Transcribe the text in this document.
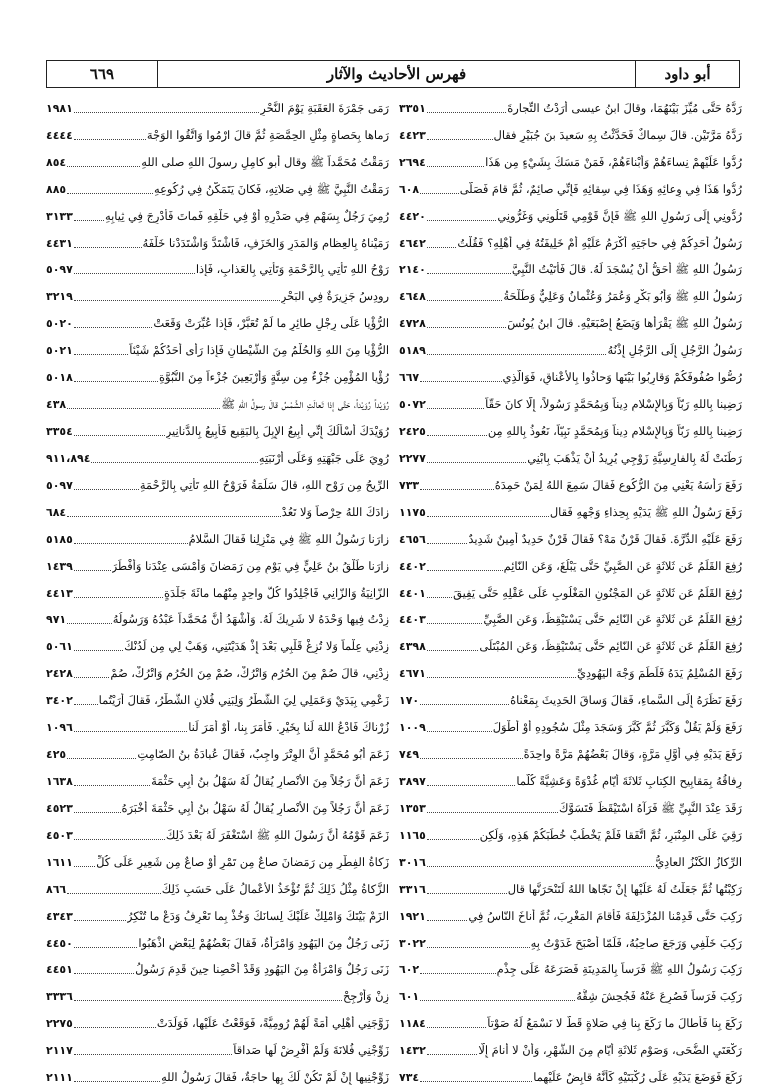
٦٦٩	فهرس الأحاديث والآثار	أبو داود
رَدَّهُ حَتَّى مُيِّزَ بَيْنَهُمَا، وقالَ ابنُ عيسى أَرَدْتُ التِّجارةَ
٣٣٥١
رَدَّهُ مَرَّتَيْنِ. قالَ سِماكٌ فَحَدَّثْتُ بِهِ سَعيدَ بنَ جُبَيْرٍ فقال
٤٤٢٣
رُدُّوا عَلَيْهِمْ نِساءَهُمْ وَأَبْناءَهُمْ، فَمَنْ مَسَكَ بِشَيْءٍ مِن هَذَا
٢٦٩٤
رُدُّوا هَذَا فِي وِعائِهِ وَهَذَا فِي سِقائِهِ فَإِنِّي صائِمٌ، ثُمَّ قامَ فَصَلَّى
٦٠٨
رُدُّونِي إِلَى رَسُولِ اللهِ ﷺ فَإِنَّ قَوْمِي قَتَلُونِي وَغَرُّونِي
٤٤٢٠
رَسُولُ أَحَدِكُمْ فِي حاجَتِهِ أَكْرَمُ عَلَيْهِ أَمْ خَلِيفَتُهُ فِي أَهْلِهِ؟ فَقُلْتُ
٤٦٤٢
رَسُولُ اللهِ ﷺ أَحَقُّ أَنْ يُسْجَدَ لَهُ. قالَ فَأَتَيْتُ النَّبِيَّ
٢١٤٠
رَسُولُ اللهِ ﷺ وَأَبُو بَكْرٍ وَعُمَرُ وَعُثْمانُ وَعَلِيٌّ وَطَلْحَةُ
٤٦٤٨
رَسُولُ اللهِ ﷺ يَقْرَأُها وَيَضَعُ إِصْبَعَيْهِ. قالَ ابنُ يُونُسَ
٤٧٢٨
رَسُولُ الرَّجُلِ إِلَى الرَّجُلِ إِذْنُهُ
٥١٨٩
رُصُّوا صُفُوفَكُمْ وَقارِبُوا بَيْنَها وَحاذُوا بِالأَعْناقِ، فَوَالَّذِي
٦٦٧
رَضِينا بِاللهِ رَبّاً وَبِالإِسْلامِ دِيناً وَبِمُحَمَّدٍ رَسُولاً، إِلَّا كانَ حَقّاً
٥٠٧٢
رَضِينا بِاللهِ رَبّاً وَبِالإِسْلامِ دِيناً وَبِمُحَمَّدٍ نَبِيّاً، نَعُوذُ بِاللهِ مِن
٢٤٢٥
رَطَنَتْ لَهُ بِالفارِسِيَّةِ زَوْجِي يُرِيدُ أَنْ يَذْهَبَ بِابْنِي
٢٢٧٧
رَفَعَ رَأْسَهُ يَعْنِي مِنَ الرُّكُوعِ فَقالَ سَمِعَ اللهُ لِمَنْ حَمِدَهُ
٧٣٣
رَفَعَ رَسُولُ اللهِ ﷺ يَدَيْهِ بِحِذاءِ وَجْهِهِ فَقال
١١٧٥
رَفَعَ عَلَيْهِ الدِّرَّةَ. فَقالَ قَرْنٌ مَهْ؟ فَقالَ قَرْنٌ حَدِيدٌ أَمِينٌ شَدِيدٌ
٤٦٥٦
رُفِعَ القَلَمُ عَن ثَلاثَةٍ عَنِ الصَّبِيِّ حَتَّى يَبْلُغَ، وَعَنِ النّائِمِ
٤٤٠٢
رُفِعَ القَلَمُ عَن ثَلاثَةٍ عَنِ المَجْنُونِ المَغْلُوبِ عَلَى عَقْلِهِ حَتَّى يَفِيقَ
٤٤٠١
رُفِعَ القَلَمُ عَن ثَلاثَةٍ عَنِ النّائِمِ حَتَّى يَسْتَيْقِظَ، وَعَنِ الصَّبِيِّ
٤٤٠٣
رُفِعَ القَلَمُ عَن ثَلاثَةٍ عَنِ النّائِمِ حَتَّى يَسْتَيْقِظَ، وَعَنِ المُبْتَلَى
٤٣٩٨
رَفَعَ المُسْلِمُ يَدَهُ فَلَطَمَ وَجْهَ اليَهُودِيِّ
٤٦٧١
رَفَعَ نَظَرَهُ إِلَى السَّماءِ، فَقالَ وَساقَ الحَدِيثَ بِمَعْناهُ
١٧٠
رَفَعَ وَلَمْ يَقُلْ وَكَبَّرَ ثُمَّ كَبَّرَ وَسَجَدَ مِثْلَ سُجُودِهِ أَوْ أَطْوَلَ
١٠٠٩
رَفَعَ يَدَيْهِ فِي أَوَّلِ مَرَّةٍ، وَقالَ بَعْضُهُمْ مَرَّةً واحِدَةً
٧٤٩
رِفاقُهُ بِمَقابِيحِ الكِتابِ ثَلاثَةَ أَيّامٍ غُدْوَةً وَعَشِيَّةً كُلَّما
٣٨٩٧
رَقَدَ عِنْدَ النَّبِيِّ ﷺ فَرَآهُ اسْتَيْقَظَ فَتَسَوَّكَ
١٣٥٣
رَقِيَ عَلَى المِنْبَرِ، ثُمَّ اتَّفَقا فَلَمْ يَخْطُبْ خُطَبَكُمْ هَذِهِ، وَلَكِن
١١٦٥
الرِّكازُ الكَنْزُ العادِيُّ
٣٠١٦
رَكِبْتُها ثُمَّ جَعَلْتُ لَهُ عَلَيْها إِنْ نَجّاها اللهُ لَتَنْحَرَنَّها قال
٣٣١٦
رَكِبَ حَتَّى قَدِمْنا المُزْدَلِفَةَ فَأَقامَ المَغْرِبَ، ثُمَّ أَناخَ النّاسُ فِي
١٩٢١
رَكِبَ خَلْفِي وَرَجَعَ صاحِبُهُ، فَلَمّا أَصْبَحَ غَدَوْتُ بِهِ
٣٠٢٢
رَكِبَ رَسُولُ اللهِ ﷺ فَرَساً بِالمَدِينَةِ فَصَرَعَهُ عَلَى جِذْمٍ
٦٠٢
رَكِبَ فَرَساً فَصُرِعَ عَنْهُ فَجُحِشَ شِقُّهُ
٦٠١
رَكَعَ بِنا فَأَطالَ ما رَكَعَ بِنا فِي صَلاةٍ قَطُّ لا نَسْمَعُ لَهُ صَوْتاً
١١٨٤
رَكْعَتَيِ الضُّحَى، وَصَوْمِ ثَلاثَةِ أَيّامٍ مِنَ الشَّهْرِ، وَأَنْ لا أَنامَ إِلَّا
١٤٣٢
رَكَعَ فَوَضَعَ يَدَيْهِ عَلَى رُكْبَتَيْهِ كَأَنَّهُ قابِضٌ عَلَيْهِما
٧٣٤
رَمَى جَمْرَةَ العَقَبَةِ يَوْمَ النَّحْرِ
١٩٨١
رَماها بِحَصاةٍ مِثْلِ الحِمَّصَةِ ثُمَّ قالَ ارْمُوا وَاتَّقُوا الوَجْهَ
٤٤٤٤
رَمَقْتُ مُحَمَّداً ﷺ وقال أبو كامِلٍ رسولَ اللهِ صلى اللهِ
٨٥٤
رَمَقْتُ النَّبِيَّ ﷺ فِي صَلاتِهِ، فَكانَ يَتَمَكَّنُ فِي رُكُوعِهِ
٨٨٥
رُمِيَ رَجُلٌ بِسَهْمٍ فِي صَدْرِهِ أَوْ فِي حَلْقِهِ فَماتَ فَأُدْرِجَ فِي ثِيابِهِ
٣١٣٣
رَمَيْناهُ بِالعِظامِ وَالمَدَرِ وَالخَزَفِ، فَاشْتَدَّ وَاشْتَدَدْنا خَلْفَهُ
٤٤٣١
رَوْحُ اللهِ تَأْتِي بِالرَّحْمَةِ وَتَأْتِي بِالعَذابِ، فَإِذا
٥٠٩٧
رودِسُ جَزِيرَةٌ فِي البَحْرِ
٣٢١٩
الرُّؤْيا عَلَى رِجْلِ طائِرٍ ما لَمْ تُعَبَّرْ، فَإِذا عُبِّرَتْ وَقَعَتْ
٥٠٢٠
الرُّؤْيا مِنَ اللهِ وَالحُلْمُ مِنَ الشَّيْطانِ فَإِذا رَأَى أَحَدُكُمْ شَيْئاً
٥٠٢١
رُؤْيا المُؤْمِنِ جُزْءٌ مِن سِتَّةٍ وَأَرْبَعِينَ جُزْءاً مِنَ النُّبُوَّةِ
٥٠١٨
رُوَيْداً رُوَيْداً، حَتَّى إِذا تَعالَتِ الشَّمْسُ قالَ رسولُ اللهِ ﷺ
٤٣٨
رُوَيْدَكَ أَسْأَلُكَ إِنِّي أَبِيعُ الإِبِلَ بِالبَقِيعِ فَأَبِيعُ بِالدَّنانِيرِ
٣٣٥٤
رُوِيَ عَلَى جَبْهَتِهِ وَعَلَى أَرْنَبَتِهِ
٩١١،٨٩٤
الرِّيحُ مِن رَوْحِ اللهِ، قالَ سَلَمَةُ فَرَوْحُ اللهِ تَأْتِي بِالرَّحْمَةِ
٥٠٩٧
زادَكَ اللهُ حِرْصاً وَلا تَعُدْ
٦٨٤
زارَنا رَسُولُ اللهِ ﷺ فِي مَنْزِلِنا فَقالَ السَّلامُ
٥١٨٥
زارَنا طَلْقُ بنُ عَلِيٍّ فِي يَوْمٍ مِن رَمَضانَ وَأَمْسَى عِنْدَنا وَأَفْطَرَ
١٤٣٩
الزّانِيَةُ وَالزّانِي فَاجْلِدُوا كُلَّ واحِدٍ مِنْهُما مائَةَ جَلْدَةٍ
٤٤١٣
زِدْتُ فِيها وَحْدَهُ لا شَرِيكَ لَهُ. وَأَشْهَدُ أَنَّ مُحَمَّداً عَبْدُهُ وَرَسُولُهُ
٩٧١
زِدْنِي عِلْماً وَلا تُزِغْ قَلْبِي بَعْدَ إِذْ هَدَيْتَنِي، وَهَبْ لِي مِن لَدُنْكَ
٥٠٦١
زِدْنِي، قالَ صُمْ مِنَ الحُرُمِ وَاتْرُكْ، صُمْ مِنَ الحُرُمِ وَاتْرُكْ، صُمْ
٢٤٢٨
زَعْمِي بِيَدَيْ وَعَمَلِي لِيَ الشَّطْرُ وَلِبَنِي فُلانٍ الشَّطْرُ، فَقالَ أَرَيْتُما
٣٤٠٢
زُرْناكَ فَادْعُ اللهَ لَنا بِخَيْرٍ. فَأَمَرَ بِنا، أَوْ أَمَرَ لَنا
١٠٩٦
زَعَمَ أَبُو مُحَمَّدٍ أَنَّ الوِتْرَ واجِبٌ، فَقالَ عُبادَةُ بنُ الصّامِتِ
٤٢٥
زَعَمَ أَنَّ رَجُلاً مِنَ الأَنْصارِ يُقالُ لَهُ سَهْلُ بنُ أَبِي حَثْمَةَ
١٦٣٨
زَعَمَ أَنَّ رَجُلاً مِنَ الأَنْصارِ يُقالُ لَهُ سَهْلُ بنُ أَبِي حَثْمَةَ أَخْبَرَهُ
٤٥٢٣
زَعَمَ قَوْمُهُ أَنَّ رَسُولَ اللهِ ﷺ اسْتَغْفَرَ لَهُ بَعْدَ ذَلِكَ
٤٥٠٣
زَكاةُ الفِطْرِ مِن رَمَضانَ صاعٌ مِن تَمْرٍ أَوْ صاعٌ مِن شَعِيرٍ عَلَى كُلِّ
١٦١١
الزَّكاةُ مِثْلُ ذَلِكَ ثُمَّ تُؤْخَذُ الأَعْمالُ عَلَى حَسَبِ ذَلِكَ
٨٦٦
الزَمْ بَيْتَكَ وَامْلِكْ عَلَيْكَ لِسانَكَ وَخُذْ بِما تَعْرِفُ وَدَعْ ما تُنْكِرُ
٤٣٤٣
زَنَى رَجُلٌ مِنَ اليَهُودِ وَامْرَأَةٌ، فَقالَ بَعْضُهُمْ لِبَعْضٍ اذْهَبُوا
٤٤٥٠
زَنَى رَجُلٌ وَامْرَأَةٌ مِنَ اليَهُودِ وَقَدْ أُحْصِنا حِينَ قَدِمَ رَسُولُ
٤٤٥١
زِنْ وَأَرْجِحْ
٣٣٣٦
زَوَّجَنِي أَهْلِي أَمَةً لَهُمْ رُومِيَّةً، فَوَقَعْتُ عَلَيْها، فَوَلَدَتْ
٢٢٧٥
زَوِّجْنِي فُلانَةَ وَلَمْ أَفْرِضْ لَها صَداقاً
٢١١٧
زَوِّجْنِيها إِنْ لَمْ تَكُنْ لَكَ بِها حاجَةٌ، فَقالَ رَسُولُ اللهِ
٢١١١
